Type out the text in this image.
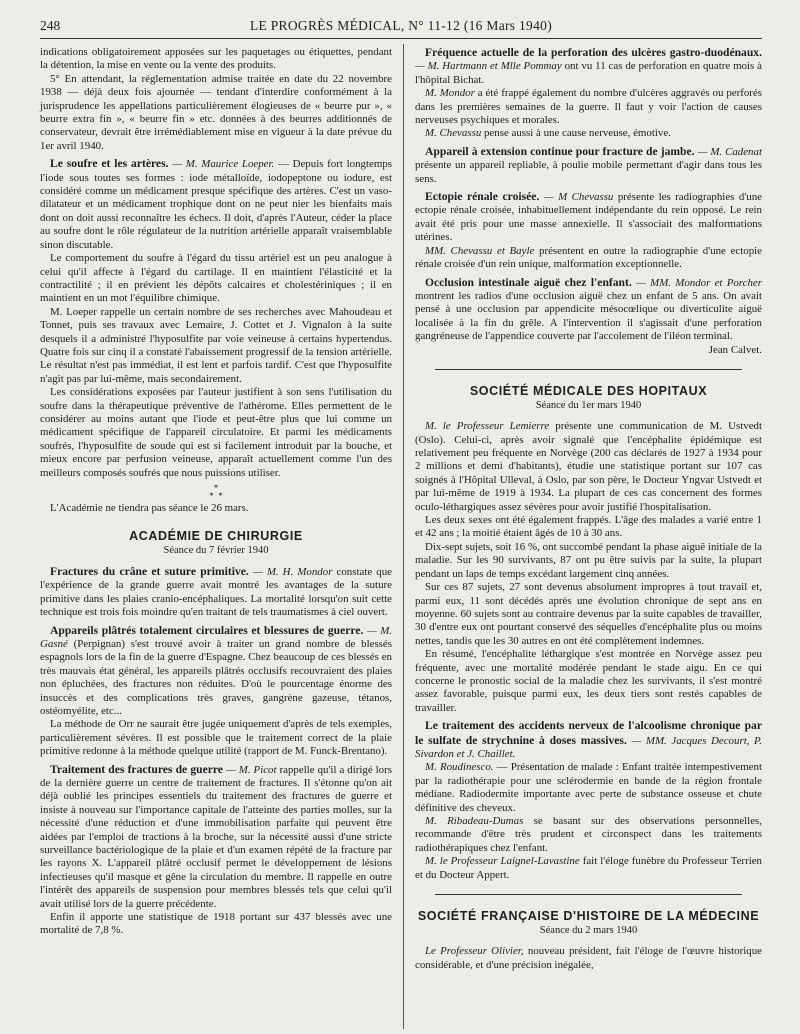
248	LE PROGRÈS MÉDICAL, N° 11-12 (16 Mars 1940)

indications obligatoirement apposées sur les paquetages ou étiquettes, pendant la détention, la mise en vente ou la vente des produits.

5° En attendant, la réglementation admise traitée en date du 22 novembre 1938 — déjà deux fois ajournée — tendant d'interdire conformément à la jurisprudence les appellations particulièrement élogieuses de « beurre pur », « beurre extra fin », « beurre fin » etc. données à des beurres additionnés de conservateur, devrait être irrémédiablement mise en vigueur à la date prévue du 1er avril 1940.

Le soufre et les artères. — M. Maurice Loeper. — Depuis fort longtemps l'iode sous toutes ses formes : iode métalloïde, iodopeptone ou iodure, est considéré comme un médicament presque spécifique des artères. C'est un vaso-dilatateur et un médicament trophique dont on ne peut nier les bienfaits mais dont on doit aussi reconnaître les échecs. Il doit, d'après l'Auteur, céder la place au soufre dont le rôle régulateur de la nutrition artérielle apparaît vraisemblable sinon discutable.

Le comportement du soufre à l'égard du tissu artériel est un peu analogue à celui qu'il affecte à l'égard du cartilage. Il en maintient l'élasticité et la contractilité ; il en prévient les dépôts calcaires et cholestériniques ; il en maintient en un mot l'équilibre chimique.

M. Loeper rappelle un certain nombre de ses recherches avec Mahoudeau et Tonnet, puis ses travaux avec Lemaire, J. Cottet et J. Vignalon à la suite desquels il a administré l'hyposulfite par voie veineuse à certains hypertendus. Quatre fois sur cinq il a constaté l'abaissement progressif de la tension artérielle. Le résultat n'est pas immédiat, il est lent et parfois tardif. C'est que l'hyposulfite n'agit pas par lui-même, mais secondairement.

Les considérations exposées par l'auteur justifient à son sens l'utilisation du soufre dans la thérapeutique préventive de l'athérome. Elles permettent de le considérer au moins autant que l'iode et peut-être plus que lui comme un médicament spécifique de l'appareil circulatoire. Et parmi les médicaments soufrés, l'hyposulfite de soude qui est si facilement introduit par la bouche, et mieux encore par perfusion veineuse, apparaît actuellement comme l'un des meilleurs composés soufrés que nous puissions utiliser.

*
* *

L'Académie ne tiendra pas séance le 26 mars.

ACADÉMIE DE CHIRURGIE
Séance du 7 février 1940

Fractures du crâne et suture primitive. — M. H. Mondor constate que l'expérience de la grande guerre avait montré les avantages de la suture primitive dans les plaies cranio-encéphaliques. La mortalité lorsqu'on suit cette technique est trois fois moindre qu'en traitant de tels traumatismes à ciel ouvert.

Appareils plâtrés totalement circulaires et blessures de guerre. — M. Gasné (Perpignan) s'est trouvé avoir à traiter un grand nombre de blessés espagnols lors de la fin de la guerre d'Espagne. Chez beaucoup de ces blessés en très mauvais état général, les appareils plâtrés occlusifs recouvraient des plaies non épluchées, des fractures non réduites. D'où le pourcentage énorme des insuccès et des complications très graves, gangrène gazeuse, tétanos, ostéomyélite, etc...

La méthode de Orr ne saurait être jugée uniquement d'après de tels exemples, particulièrement sévères. Il est possible que le traitement correct de la plaie primitive redonne à la méthode quelque utilité (rapport de M. Funck-Brentano).

Traitement des fractures de guerre — M. Picot rappelle qu'il a dirigé lors de la dernière guerre un centre de traitement de fractures. Il s'étonne qu'on ait déjà oublié les principes essentiels du traitement des fractures de guerre et insiste à nouveau sur l'importance capitale de l'atteinte des parties molles, sur la nécessité d'une réduction et d'une immobilisation parfaite qui peuvent être aidées par l'emploi de tractions à la broche, sur la nécessité aussi d'une stricte surveillance bactériologique de la plaie et d'un examen répété de la fracture par les rayons X. L'appareil plâtré occlusif permet le développement de lésions infectieuses qu'il masque et gêne la circulation du membre. Il rappelle en outre l'intérêt des appareils de suspension pour membres blessés tels que celui qu'il avait utilisé lors de la guerre précédente.

Enfin il apporte une statistique de 1918 portant sur 437 blessés avec une mortalité de 7,8 %.

Fréquence actuelle de la perforation des ulcères gastro-duodénaux. — M. Hartmann et Mlle Pommay ont vu 11 cas de perforation en quatre mois à l'hôpital Bichat.

M. Mondor a été frappé également du nombre d'ulcères aggravés ou perforés dans les premières semaines de la guerre. Il faut y voir l'action de causes nerveuses psychiques et morales.

M. Chevassu pense aussi à une cause nerveuse, émotive.

Appareil à extension continue pour fracture de jambe. — M. Cadenat présente un appareil repliable, à poulie mobile permettant d'agir dans tous les sens.

Ectopie rénale croisée. — M Chevassu présente les radiographies d'une ectopie rénale croisée, inhabituellement indépendante du rein opposé. Le rein avait été pris pour une masse annexielle. Il s'associait des malformations utérines.

MM. Chevassu et Bayle présentent en outre la radiographie d'une ectopie rénale croisée d'un rein unique, malformation exceptionnelle.

Occlusion intestinale aiguë chez l'enfant. — MM. Mondor et Porcher montrent les radios d'une occlusion aiguë chez un enfant de 5 ans. On avait pensé à une occlusion par appendicite mésocœlique ou diverticulite aiguë localisée à la fin du grêle. A l'intervention il s'agissait d'une perforation gangréneuse de l'appendice couverte par l'accolement de l'iléon terminal.

Jean Calvet.
SOCIÉTÉ MÉDICALE DES HOPITAUX
Séance du 1er mars 1940

M. le Professeur Lemierre présente une communication de M. Ustvedt (Oslo). Celui-ci, après avoir signalé que l'encéphalite épidémique est relativement peu fréquente en Norvège (200 cas déclarés de 1927 à 1934 pour 2 millions et demi d'habitants), étudie une statistique portant sur 107 cas soignés à l'Hôpital Ulleval, à Oslo, par son père, le Docteur Yngvar Ustvedt et par lui-même de 1919 à 1934. La plupart de ces cas concernent des formes oculo-léthargiques assez sévères pour avoir justifié l'hospitalisation.

Les deux sexes ont été également frappés. L'âge des malades a varié entre 1 et 42 ans ; la moitié étaient âgés de 10 à 30 ans.

Dix-sept sujets, soit 16 %, ont succombé pendant la phase aiguë initiale de la maladie. Sur les 90 survivants, 87 ont pu être suivis par la suite, la plupart pendant un laps de temps excédant largement cinq années.

Sur ces 87 sujets, 27 sont devenus absolument impropres à tout travail et, parmi eux, 11 sont décédés après une évolution chronique de sept ans en moyenne. 60 sujets sont au contraire devenus par la suite capables de travailler, 30 d'entre eux ont pourtant conservé des séquelles d'encéphalite plus ou moins nettes, tandis que les 30 autres en ont été complètement indemnes.

En résumé, l'encéphalite léthargique s'est montrée en Norvège assez peu fréquente, avec une mortalité modérée pendant le stade aigu. En ce qui concerne le pronostic social de la maladie chez les survivants, il s'est montré assez favorable, puisque parmi eux, les deux tiers sont restés capables de travailler.

Le traitement des accidents nerveux de l'alcoolisme chronique par le sulfate de strychnine à doses massives. — MM. Jacques Decourt, P. Sivardon et J. Chaillet.

M. Roudinesco. — Présentation de malade : Enfant traitée intempestivement par la radiothérapie pour une sclérodermie en bande de la région frontale médiane. Radiodermite importante avec perte de substance osseuse et chute définitive des cheveux.

M. Ribadeau-Dumas se basant sur des observations personnelles, recommande d'être très prudent et circonspect dans les traitements radiothérapiques chez l'enfant.

M. le Professeur Laignel-Lavastine fait l'éloge funèbre du Professeur Terrien et du Docteur Appert.

SOCIÉTÉ FRANÇAISE D'HISTOIRE DE LA MÉDECINE
Séance du 2 mars 1940

Le Professeur Olivier, nouveau président, fait l'éloge de l'œuvre historique considérable, et d'une précision inégalée,
